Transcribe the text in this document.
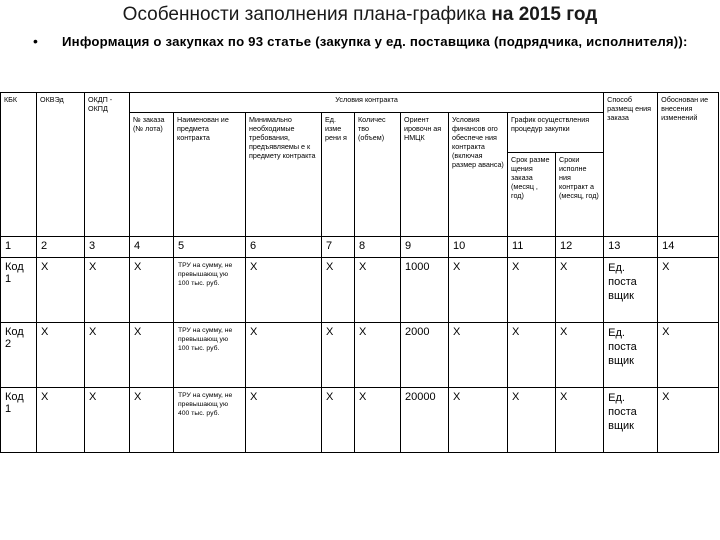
Особенности заполнения плана-графика на 2015 год
• Информация о закупках по 93 статье (закупка у ед. поставщика (подрядчика, исполнителя)):
КБК	ОКВЭд	ОКДП - ОКПД	Условия контракта									Способ размещ ения заказа	Обоснован ие внесения изменений
			№ заказа (№ лота)	Наименован ие предмета контракта	Минимально необходимые требования, предъявляемы е к предмету контракта	Ед. изме рени я	Количес тво (объем)	Ориент ировочн ая НМЦК	Условия финансов ого обеспече ния контракта (включая размер аванса)	График осуществления процедур закупки			
										Срок разме щения заказа (месяц , год)	Сроки исполне ния контракт а (месяц, год)		
1	2	3	4	5	6	7	8	9	10	11	12	13	14
Код 1	X	X	X	ТРУ на сумму, не превышающ ую 100 тыс. руб.	X	X	X	1000	X	X	X	Ед. поста вщик	X
Код 2	X	X	X	ТРУ на сумму, не превышающ ую 100 тыс. руб.	X	X	X	2000	X	X	X	Ед. поста вщик	X
Код 1	X	X	X	ТРУ на сумму, не превышающ ую 400 тыс. руб.	X	X	X	20000	X	X	X	Ед. поста вщик	X
